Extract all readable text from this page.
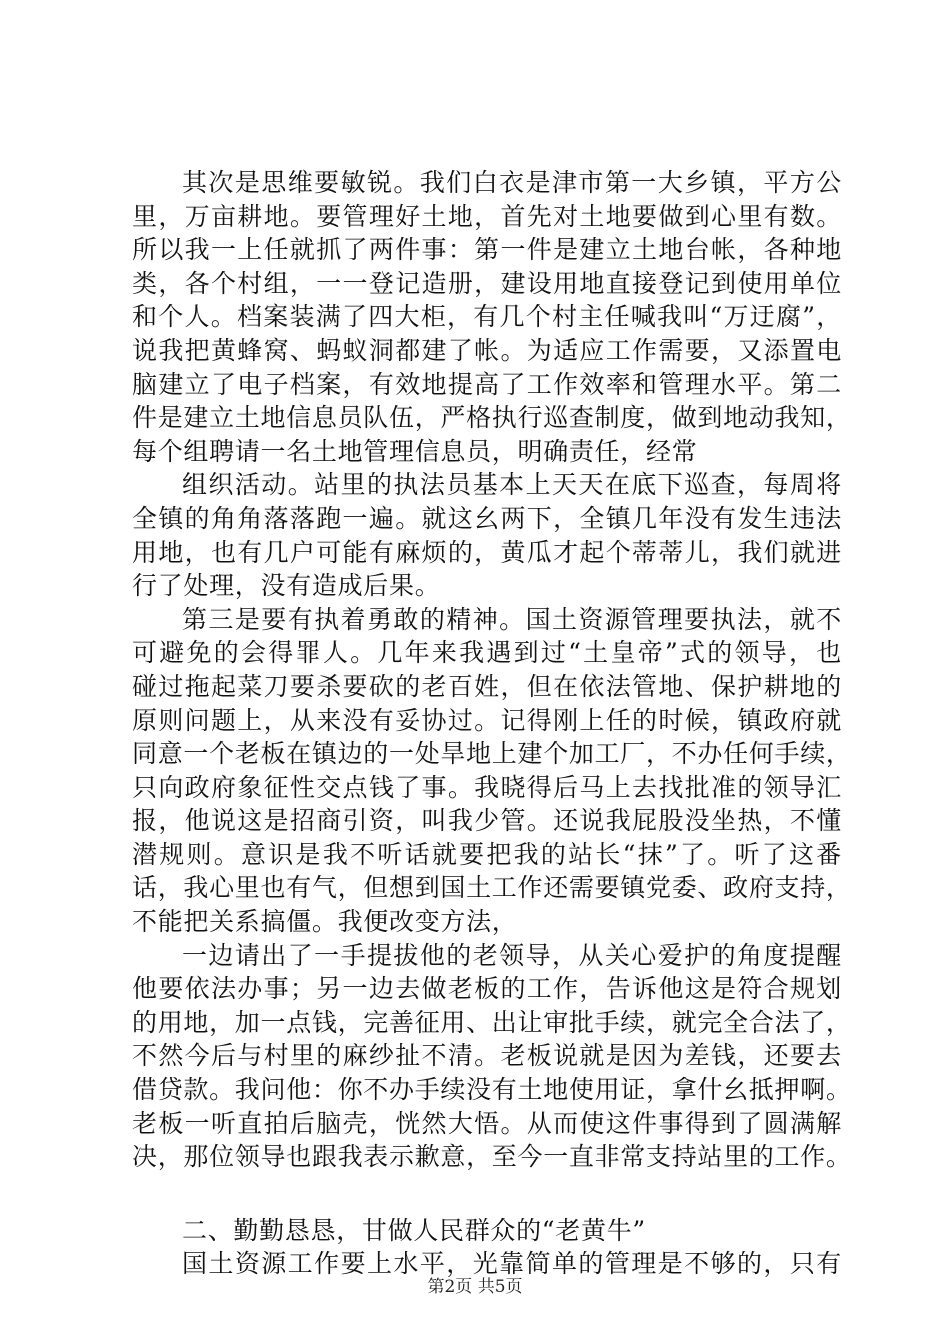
其次是思维要敏锐。我们白衣是津市第一大乡镇，平方公
里，万亩耕地。要管理好土地，首先对土地要做到心里有数。
所以我一上任就抓了两件事：第一件是建立土地台帐，各种地
类，各个村组，一一登记造册，建设用地直接登记到使用单位
和个人。档案装满了四大柜，有几个村主任喊我叫“万迂腐”，
说我把黄蜂窝、蚂蚁洞都建了帐。为适应工作需要，又添置电
脑建立了电子档案，有效地提高了工作效率和管理水平。第二
件是建立土地信息员队伍，严格执行巡查制度，做到地动我知，
每个组聘请一名土地管理信息员，明确责任，经常
组织活动。站里的执法员基本上天天在底下巡查，每周将
全镇的角角落落跑一遍。就这幺两下，全镇几年没有发生违法
用地，也有几户可能有麻烦的，黄瓜才起个蒂蒂儿，我们就进
行了处理，没有造成后果。
第三是要有执着勇敢的精神。国土资源管理要执法，就不
可避免的会得罪人。几年来我遇到过“土皇帝”式的领导，也
碰过拖起菜刀要杀要砍的老百姓，但在依法管地、保护耕地的
原则问题上，从来没有妥协过。记得刚上任的时候，镇政府就
同意一个老板在镇边的一处旱地上建个加工厂，不办任何手续，
只向政府象征性交点钱了事。我晓得后马上去找批准的领导汇
报，他说这是招商引资，叫我少管。还说我屁股没坐热，不懂
潜规则。意识是我不听话就要把我的站长“抹”了。听了这番
话，我心里也有气，但想到国土工作还需要镇党委、政府支持，
不能把关系搞僵。我便改变方法，
一边请出了一手提拔他的老领导，从关心爱护的角度提醒
他要依法办事；另一边去做老板的工作，告诉他这是符合规划
的用地，加一点钱，完善征用、出让审批手续，就完全合法了，
不然今后与村里的麻纱扯不清。老板说就是因为差钱，还要去
借贷款。我问他：你不办手续没有土地使用证，拿什幺抵押啊。
老板一听直拍后脑壳，恍然大悟。从而使这件事得到了圆满解
决，那位领导也跟我表示歉意，至今一直非常支持站里的工作。
二、勤勤恳恳，甘做人民群众的“老黄牛”
国土资源工作要上水平，光靠简单的管理是不够的，只有
第2页 共5页
